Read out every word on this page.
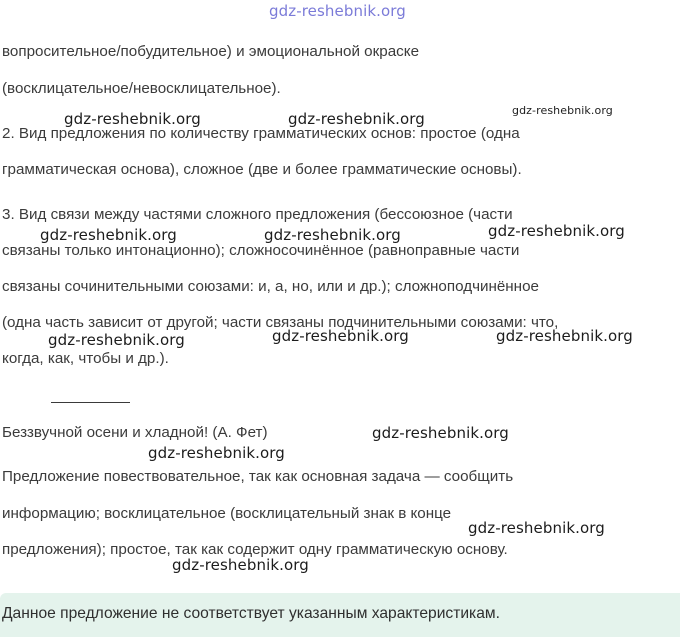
gdz-reshebnik.org

вопросительное/побудительное) и эмоциональной окраске

(восклицательное/невосклицательное).

gdz-reshebnik.org	gdz-reshebnik.org	gdz-reshebnik.org

2. Вид предложения по количеству грамматических основ: простое (одна

грамматическая основа), сложное (две и более грамматические основы).

3. Вид связи между частями сложного предложения (бессоюзное (части

gdz-reshebnik.org	gdz-reshebnik.org	gdz-reshebnik.org

связаны только интонационно); сложносочинённое (равноправные части

связаны сочинительными союзами: и, а, но, или и др.); сложноподчинённое

(одна часть зависит от другой; части связаны подчинительными союзами: что,

gdz-reshebnik.org	gdz-reshebnik.org	gdz-reshebnik.org

когда, как, чтобы и др.).

Беззвучной осени и хладной! (А. Фет)	gdz-reshebnik.org
gdz-reshebnik.org

Предложение повествовательное, так как основная задача — сообщить

информацию; восклицательное (восклицательный знак в конце

gdz-reshebnik.org

предложения); простое, так как содержит одну грамматическую основу.

gdz-reshebnik.org

Данное предложение не соответствует указанным характеристикам.
